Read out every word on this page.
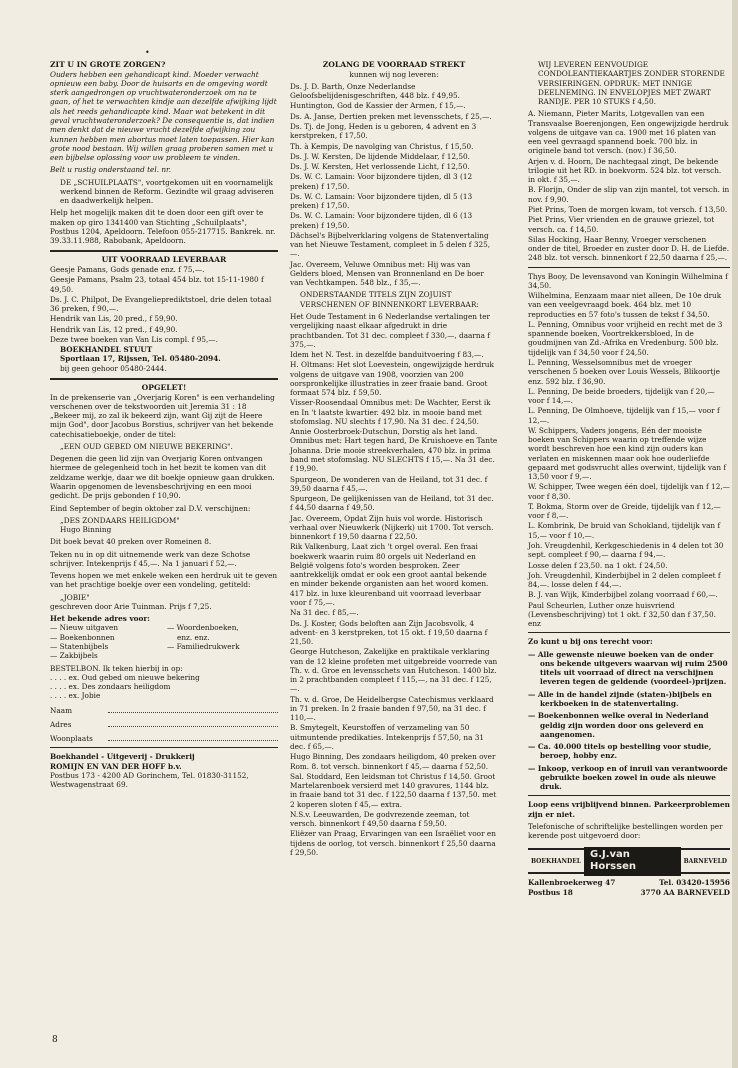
•
ZIT U IN GROTE ZORGEN?
Ouders hebben een gehandicapt kind. Moeder verwacht opnieuw een baby. Door de huisarts en de omgeving wordt sterk aangedrongen op vruchtwateronderzoek om na te gaan, of het te verwachten kindje aan dezelfde afwijking lijdt als het reeds gehandicapte kind. Maar wat betekent in dit geval vruchtwateronderzoek? De consequentie is, dat indien men denkt dat de nieuwe vrucht dezelfde afwijking zou kunnen hebben men abortus moet laten toepassen. Hier kan grote nood bestaan. Wij willen graag proberen samen met u een bijbelse oplossing voor uw probleem te vinden.
Belt u rustig onderstaand tel. nr.
DE „SCHUILPLAATS", voortgekomen uit en voornamelijk werkend binnen de Reform. Gezindte wil graag adviseren en daadwerkelijk helpen.
Help het mogelijk maken dit te doen door een gift over te maken op giro 1341400 van Stichting „Schuilplaats", Postbus 1204, Apeldoorn. Telefoon 055-217715. Bankrek. nr. 39.33.11.988, Rabobank, Apeldoorn.
UIT VOORRAAD LEVERBAAR
Geesje Pamans, Gods genade enz. f 75,—.
Geesje Pamans, Psalm 23, totaal 454 blz. tot 15-11-1980 f 49,50.
Ds. J. C. Philpot, De Evangelieprediktstoel, drie delen totaal 36 preken, f 90,—.
Hendrik van Lis, 20 pred., f 59,90.
Hendrik van Lis, 12 pred., f 49,90.
Deze twee boeken van Van Lis compl. f 95,—.
BOEKHANDEL STUUT
Sportlaan 17, Rijssen, Tel. 05480-2094.
bij geen gehoor 05480-2444.
OPGELET!
In de prekenserie van „Overjarig Koren" is een verhandeling verschenen over de tekstwoorden uit Jeremia 31 : 18 „Bekeer mij, zo zal ik bekeerd zijn, want Gij zijt de Heere mijn God", door Jacobus Borstius, schrijver van het bekende catechisatieboekje, onder de titel:
„EEN OUD GEBED OM NIEUWE BEKERING".
Degenen die geen lid zijn van Overjarig Koren ontvangen hiermee de gelegenheid toch in het bezit te komen van dit zeldzame werkje, daar we dit boekje opnieuw gaan drukken. Waarin opgenomen de levensbeschrijving en een mooi gedicht. De prijs gebonden f 10,90.
Eind September of begin oktober zal D.V. verschijnen:
„DES ZONDAARS HEILIGDOM"
Hugo Binning
Dit boek bevat 40 preken over Romeinen 8.
Teken nu in op dit uitnemende werk van deze Schotse schrijver. Intekenprijs f 45,—. Na 1 januari f 52,—.
Tevens hopen we met enkele weken een herdruk uit te geven van het prachtige boekje over een vondeling, getiteld:
„JOBIE"
geschreven door Arie Tuinman. Prijs f 7,25.
Het bekende adres voor:
— Nieuw uitgaven
— Boekenbonnen
— Statenbijbels
— Zakbijbels
— Woordenboeken,
enz. enz.
— Familiedrukwerk
BESTELBON. Ik teken hierbij in op:
. . . . ex. Oud gebed om nieuwe bekering
. . . . ex. Des zondaars heiligdom
. . . . ex. Jobie
Naam
Adres
Woonplaats
Boekhandel - Uitgeverij - Drukkerij
ROMIJN EN VAN DER HOFF b.v.
Postbus 173 - 4200 AD Gorinchem, Tel. 01830-31152, Westwagenstraat 69.
ZOLANG DE VOORRAAD STREKT
kunnen wij nog leveren:
Ds. J. D. Barth, Onze Nederlandse Geloofsbelijdenisgeschriften, 448 blz. f 49,95.
Huntington, God de Kassier der Armen, f 15,—.
Ds. A. Janse, Dertien preken met levensschets, f 25,—.
Ds. Tj. de Jong, Heden is u geboren, 4 advent en 3 kerstpreken, f 17,50.
Th. à Kempis, De navolging van Christus, f 15,50.
Ds. J. W. Kersten, De lijdende Middelaar, f 12,50.
Ds. J. W. Kersten, Het verlossende Licht, f 12,50.
Ds. W. C. Lamain: Voor bijzondere tijden, dl 3 (12 preken) f 17,50.
Ds. W. C. Lamain: Voor bijzondere tijden, dl 5 (13 preken) f 17,50.
Ds. W. C. Lamain: Voor bijzondere tijden, dl 6 (13 preken) f 19,50.
Dächsel's Bijbelverklaring volgens de Statenvertaling van het Nieuwe Testament, compleet in 5 delen f 325,—.
Jac. Overeem, Veluwe Omnibus met: Hij was van Gelders bloed, Mensen van Bronnenland en De boer van Vechtkampen. 548 blz., f 35,—.
ONDERSTAANDE TITELS ZIJN ZOJUIST VERSCHENEN OF BINNENKORT LEVERBAAR:
Het Oude Testament in 6 Nederlandse vertalingen ter vergelijking naast elkaar afgedrukt in drie prachtbanden. Tot 31 dec. compleet f 330,—, daarna f 375,—.
Idem het N. Test. in dezelfde banduitvoering f 83,—.
H. Oltmans: Het slot Loevestein, ongewijzigde herdruk volgens de uitgave van 1908, voorzien van 200 oorspronkelijke illustraties in zeer fraaie band. Groot formaat 574 blz. f 59,50.
Visser-Roosendaal Omnibus met: De Wachter, Eerst ik en In 't laatste kwartier. 492 blz. in mooie band met stofomslag. NU slechts f 17,90. Na 31 dec. f 24,50.
Annie Oosterbroek-Dutschun, Dorstig als het land. Omnibus met: Hart tegen hard, De Kruishoeve en Tante Johanna. Drie mooie streekverhalen, 470 blz. in prima band met stofomslag. NU SLECHTS f 15,—. Na 31 dec. f 19,90.
Spurgeon, De wonderen van de Heiland, tot 31 dec. f 39,50 daarna f 45,—.
Spurgeon, De gelijkenissen van de Heiland, tot 31 dec. f 44,50 daarna f 49,50.
Jac. Overeem, Opdat Zijn huis vol worde. Historisch verhaal over Nieuwkerk (Nijkerk) uit 1700. Tot versch. binnenkort f 19,50 daarna f 22,50.
Rik Valkenburg, Laat zich 't orgel overal. Een fraai boekwerk waarin ruim 80 orgels uit Nederland en België volgens foto's worden besproken. Zeer aantrekkelijk omdat er ook een groot aantal bekende en minder bekende organisten aan het woord komen. 417 blz. in luxe kleurenband uit voorraad leverbaar voor f 75,—.
Na 31 dec. f 85,—.
Ds. J. Koster, Gods beloften aan Zijn Jacobsvolk, 4 advent- en 3 kerstpreken, tot 15 okt. f 19,50 daarna f 21,50.
George Hutcheson, Zakelijke en praktikale verklaring van de 12 kleine profeten met uitgebreide voorrede van Th. v. d. Groe en levensschets van Hutcheson. 1400 blz. in 2 prachtbanden compleet f 115,—, na 31 dec. f 125,—.
Th. v. d. Groe, De Heidelbergse Catechismus verklaard in 71 preken. In 2 fraaie banden f 97,50, na 31 dec. f 110,—.
B. Smytegelt, Keurstoffen of verzameling van 50 uitmuntende predikaties. Intekenprijs f 57,50, na 31 dec. f 65,—.
Hugo Binning, Des zondaars heiligdom, 40 preken over Rom. 8. tot versch. binnenkort f 45,— daarna f 52,50.
Sal. Stoddard, Een leidsman tot Christus f 14,50. Groot Martelarenboek versierd met 140 gravures, 1144 blz. in fraaie band tot 31 dec. f 122,50 daarna f 137,50. met 2 koperen sloten f 45,— extra.
N.S.v. Leeuwarden, De godvrezende zeeman, tot versch. binnenkort f 49,50 daarna f 59,50.
Eliëzer van Praag, Ervaringen van een Israëliet voor en tijdens de oorlog, tot versch. binnenkort f 25,50 daarna f 29,50.
WIJ LEVEREN EENVOUDIGE CONDOLEANTIEKAARTJES ZONDER STORENDE VERSIERINGEN. OPDRUK: MET INNIGE DEELNEMING. IN ENVELOPJES MET ZWART RANDJE. PER 10 STUKS f 4,50.
A. Niemann, Pieter Marits, Lotgevallen van een Transvaalse Boerenjongen, Een ongewijzigde herdruk volgens de uitgave van ca. 1900 met 16 platen van een veel gevraagd spannend boek. 700 blz. in originele band tot versch. (nov.) f 36,50.
Arjen v. d. Hoorn, De nachtegaal zingt, De bekende trilogie uit het RD. in boekvorm. 524 blz. tot versch. in okt. f 35,—.
B. Florijn, Onder de slip van zijn mantel, tot versch. in nov. f 9,90.
Piet Prins, Toen de morgen kwam, tot versch. f 13,50.
Piet Prins, Vier vrienden en de grauwe griezel, tot versch. ca. f 14,50.
Silas Hocking, Haar Benny, Vroeger verschenen onder de titel, Broeder en zuster door D. H. de Liefde. 248 blz. tot versch. binnenkort f 22,50 daarna f 25,—.
Thys Booy, De levensavond van Koningin Wilhelmina f 34,50.
Wilhelmina, Eenzaam maar niet alleen, De 10e druk van een veelgevraagd boek. 464 blz. met 10 reproducties en 57 foto's tussen de tekst f 34,50.
L. Penning, Omnibus voor vrijheid en recht met de 3 spannende boeken, Voortrekkersbloed, In de goudmijnen van Zd.-Afrika en Vredenburg. 500 blz. tijdelijk van f 34,50 voor f 24,50.
L. Penning, Wesselsomnibus met de vroeger verschenen 5 boeken over Louis Wessels, Blikoortje enz. 592 blz. f 36,90.
L. Penning, De beide broeders, tijdelijk van f 20,— voor f 14,—.
L. Penning, De Olmhoeve, tijdelijk van f 15,— voor f 12,—.
W. Schippers, Vaders jongens, Eén der mooiste boeken van Schippers waarin op treffende wijze wordt beschreven hoe een kind zijn ouders kan verlaten en miskennen maar ook hoe ouderliefde gepaard met godsvrucht alles overwint, tijdelijk van f 13,50 voor f 9,—.
W. Schipper, Twee wegen één doel, tijdelijk van f 12,— voor f 8,30.
T. Bokma, Storm over de Greide, tijdelijk van f 12,— voor f 8,—.
L. Kombrink, De bruid van Schokland, tijdelijk van f 15,— voor f 10,—.
Joh. Vreugdenhil, Kerkgeschiedenis in 4 delen tot 30 sept. compleet f 90,— daarna f 94,—.
Losse delen f 23,50. na 1 okt. f 24,50.
Joh. Vreugdenhil, Kinderbijbel in 2 delen compleet f 84,—. losse delen f 44,—.
B. J. van Wijk, Kinderbijbel zolang voorraad f 60,—.
Paul Scheurlen, Luther onze huisvriend (Levensbeschrijving) tot 1 okt. f 32,50 dan f 37,50. enz
Zo kunt u bij ons terecht voor:
— Alle gewenste nieuwe boeken van de onder ons bekende uitgevers waarvan wij ruim 2500 titels uit voorraad of direct na verschijnen leveren tegen de geldende (voordeel-)prijzen.
— Alle in de handel zijnde (staten-)bijbels en kerkboeken in de statenvertaling.
— Boekenbonnen welke overal in Nederland geldig zijn worden door ons geleverd en aangenomen.
— Ca. 40.000 titels op bestelling voor studie, beroep, hobby enz.
— Inkoop, verkoop en of inruil van verantwoorde gebruikte boeken zowel in oude als nieuwe druk.
Loop eens vrijblijvend binnen. Parkeerproblemen zijn er niet.
Telefonische of schriftelijke bestellingen worden per kerende post uitgevoerd door:
BOEKHANDEL
G.J.van Horssen
BARNEVELD
Kallenbroekerweg 47	Tel. 03420-15956
Postbus 18	3770 AA BARNEVELD
8
